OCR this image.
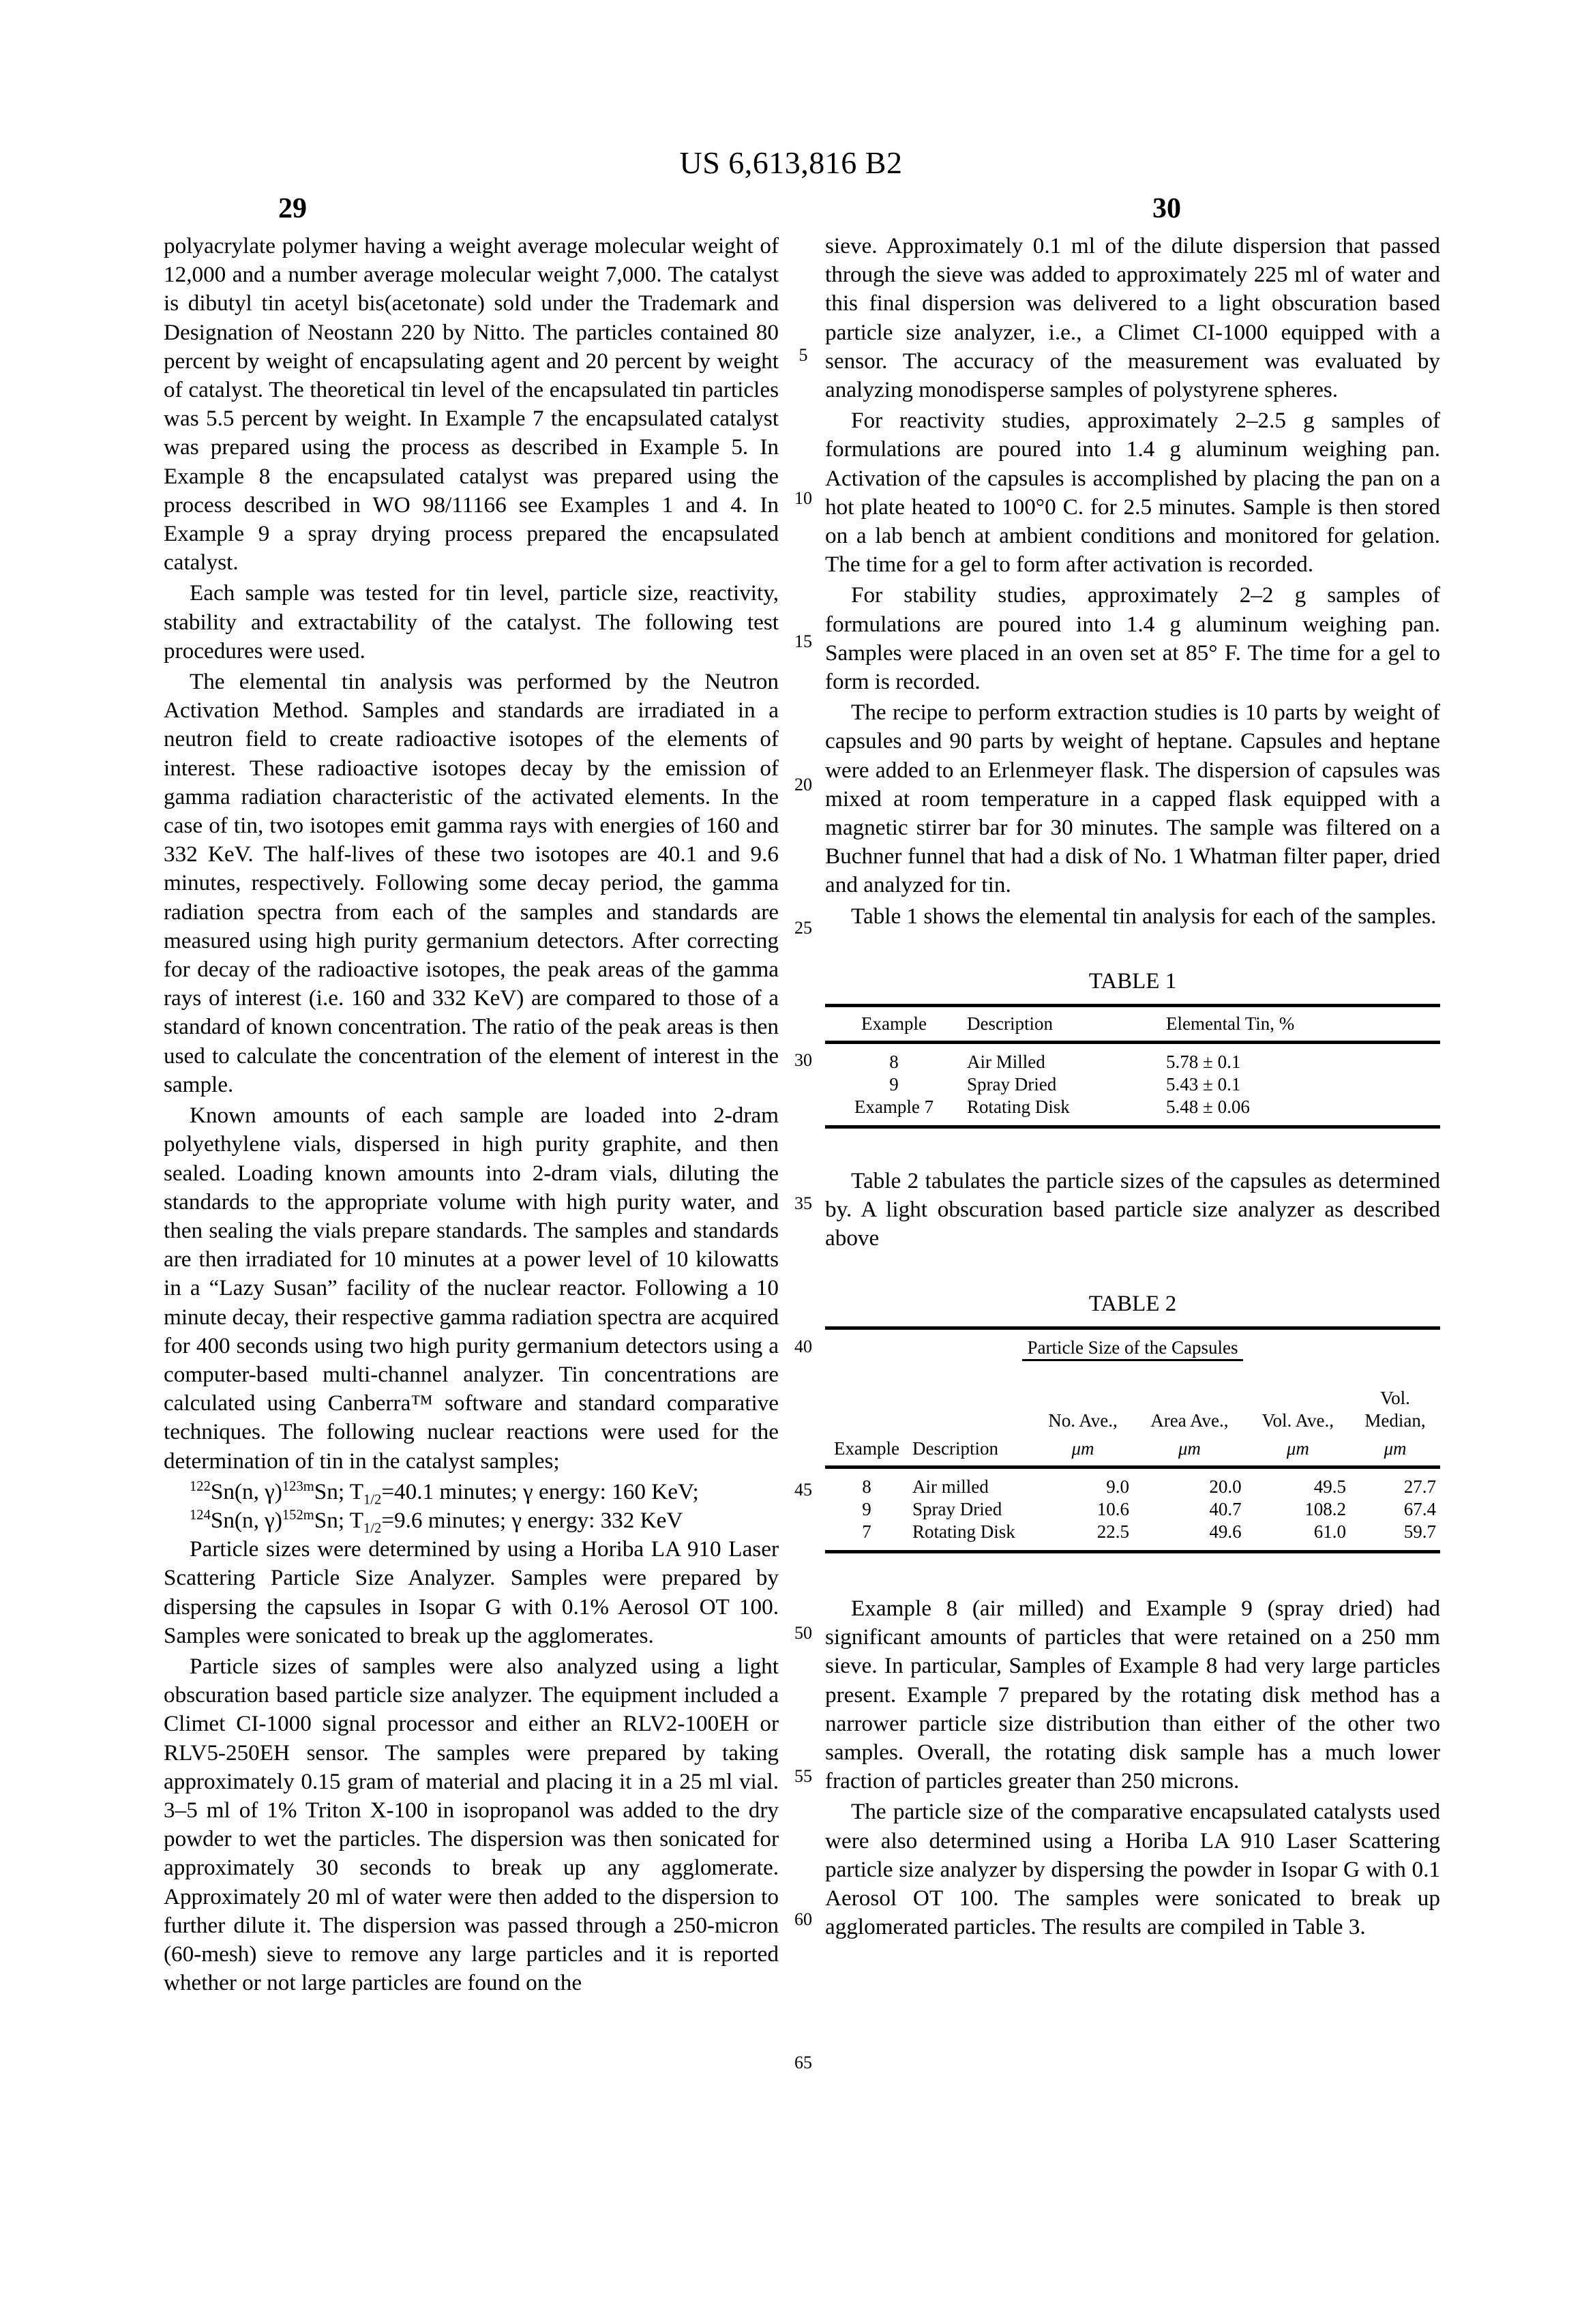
US 6,613,816 B2
29	30
5
10
15
20
25
30
35
40
45
50
55
60
65

polyacrylate polymer having a weight average molecular weight of 12,000 and a number average molecular weight 7,000. The catalyst is dibutyl tin acetyl bis(acetonate) sold under the Trademark and Designation of Neostann 220 by Nitto. The particles contained 80 percent by weight of encapsulating agent and 20 percent by weight of catalyst. The theoretical tin level of the encapsulated tin particles was 5.5 percent by weight. In Example 7 the encapsulated catalyst was prepared using the process as described in Example 5. In Example 8 the encapsulated catalyst was prepared using the process described in WO 98/11166 see Examples 1 and 4. In Example 9 a spray drying process prepared the encapsulated catalyst.

Each sample was tested for tin level, particle size, reactivity, stability and extractability of the catalyst. The following test procedures were used.

The elemental tin analysis was performed by the Neutron Activation Method. Samples and standards are irradiated in a neutron field to create radioactive isotopes of the elements of interest. These radioactive isotopes decay by the emission of gamma radiation characteristic of the activated elements. In the case of tin, two isotopes emit gamma rays with energies of 160 and 332 KeV. The half-lives of these two isotopes are 40.1 and 9.6 minutes, respectively. Following some decay period, the gamma radiation spectra from each of the samples and standards are measured using high purity germanium detectors. After correcting for decay of the radioactive isotopes, the peak areas of the gamma rays of interest (i.e. 160 and 332 KeV) are compared to those of a standard of known concentration. The ratio of the peak areas is then used to calculate the concentration of the element of interest in the sample.

Known amounts of each sample are loaded into 2-dram polyethylene vials, dispersed in high purity graphite, and then sealed. Loading known amounts into 2-dram vials, diluting the standards to the appropriate volume with high purity water, and then sealing the vials prepare standards. The samples and standards are then irradiated for 10 minutes at a power level of 10 kilowatts in a “Lazy Susan” facility of the nuclear reactor. Following a 10 minute decay, their respective gamma radiation spectra are acquired for 400 seconds using two high purity germanium detectors using a computer-based multi-channel analyzer. Tin concentrations are calculated using Canberra™ software and standard comparative techniques. The following nuclear reactions were used for the determination of tin in the catalyst samples;

$^{122}$Sn(n, γ)$^{123m}$Sn; $T_{1/2}=40.1$ minutes; γ energy: 160 KeV;
$^{124}$Sn(n, γ)$^{152m}$Sn; $T_{1/2}=9.6$ minutes; γ energy: 332 KeV

Particle sizes were determined by using a Horiba LA 910 Laser Scattering Particle Size Analyzer. Samples were prepared by dispersing the capsules in Isopar G with 0.1% Aerosol OT 100. Samples were sonicated to break up the agglomerates.

Particle sizes of samples were also analyzed using a light obscuration based particle size analyzer. The equipment included a Climet CI-1000 signal processor and either an RLV2-100EH or RLV5-250EH sensor. The samples were prepared by taking approximately 0.15 gram of material and placing it in a 25 ml vial. 3–5 ml of 1% Triton X-100 in isopropanol was added to the dry powder to wet the particles. The dispersion was then sonicated for approximately 30 seconds to break up any agglomerate. Approximately 20 ml of water were then added to the dispersion to further dilute it. The dispersion was passed through a 250-micron (60-mesh) sieve to remove any large particles and it is reported whether or not large particles are found on the

sieve. Approximately 0.1 ml of the dilute dispersion that passed through the sieve was added to approximately 225 ml of water and this final dispersion was delivered to a light obscuration based particle size analyzer, i.e., a Climet CI-1000 equipped with a sensor. The accuracy of the measurement was evaluated by analyzing monodisperse samples of polystyrene spheres.

For reactivity studies, approximately 2–2.5 g samples of formulations are poured into 1.4 g aluminum weighing pan. Activation of the capsules is accomplished by placing the pan on a hot plate heated to 100°0 C. for 2.5 minutes. Sample is then stored on a lab bench at ambient conditions and monitored for gelation. The time for a gel to form after activation is recorded.

For stability studies, approximately 2–2 g samples of formulations are poured into 1.4 g aluminum weighing pan. Samples were placed in an oven set at 85° F. The time for a gel to form is recorded.

The recipe to perform extraction studies is 10 parts by weight of capsules and 90 parts by weight of heptane. Capsules and heptane were added to an Erlenmeyer flask. The dispersion of capsules was mixed at room temperature in a capped flask equipped with a magnetic stirrer bar for 30 minutes. The sample was filtered on a Buchner funnel that had a disk of No. 1 Whatman filter paper, dried and analyzed for tin.

Table 1 shows the elemental tin analysis for each of the samples.

TABLE 1

Example	Description	Elemental Tin, %
8	Air Milled	5.78 ± 0.1
9	Spray Dried	5.43 ± 0.1
Example 7	Rotating Disk	5.48 ± 0.06

Table 2 tabulates the particle sizes of the capsules as determined by. A light obscuration based particle size analyzer as described above

TABLE 2

Particle Size of the Capsules					
					Vol.
		No. Ave.,	Area Ave.,	Vol. Ave.,	Median,
Example	Description	μm	μm	μm	μm
8	Air milled	9.0	20.0	49.5	27.7
9	Spray Dried	10.6	40.7	108.2	67.4
7	Rotating Disk	22.5	49.6	61.0	59.7

Example 8 (air milled) and Example 9 (spray dried) had significant amounts of particles that were retained on a 250 mm sieve. In particular, Samples of Example 8 had very large particles present. Example 7 prepared by the rotating disk method has a narrower particle size distribution than either of the other two samples. Overall, the rotating disk sample has a much lower fraction of particles greater than 250 microns.

The particle size of the comparative encapsulated catalysts used were also determined using a Horiba LA 910 Laser Scattering particle size analyzer by dispersing the powder in Isopar G with 0.1 Aerosol OT 100. The samples were sonicated to break up agglomerated particles. The results are compiled in Table 3.
